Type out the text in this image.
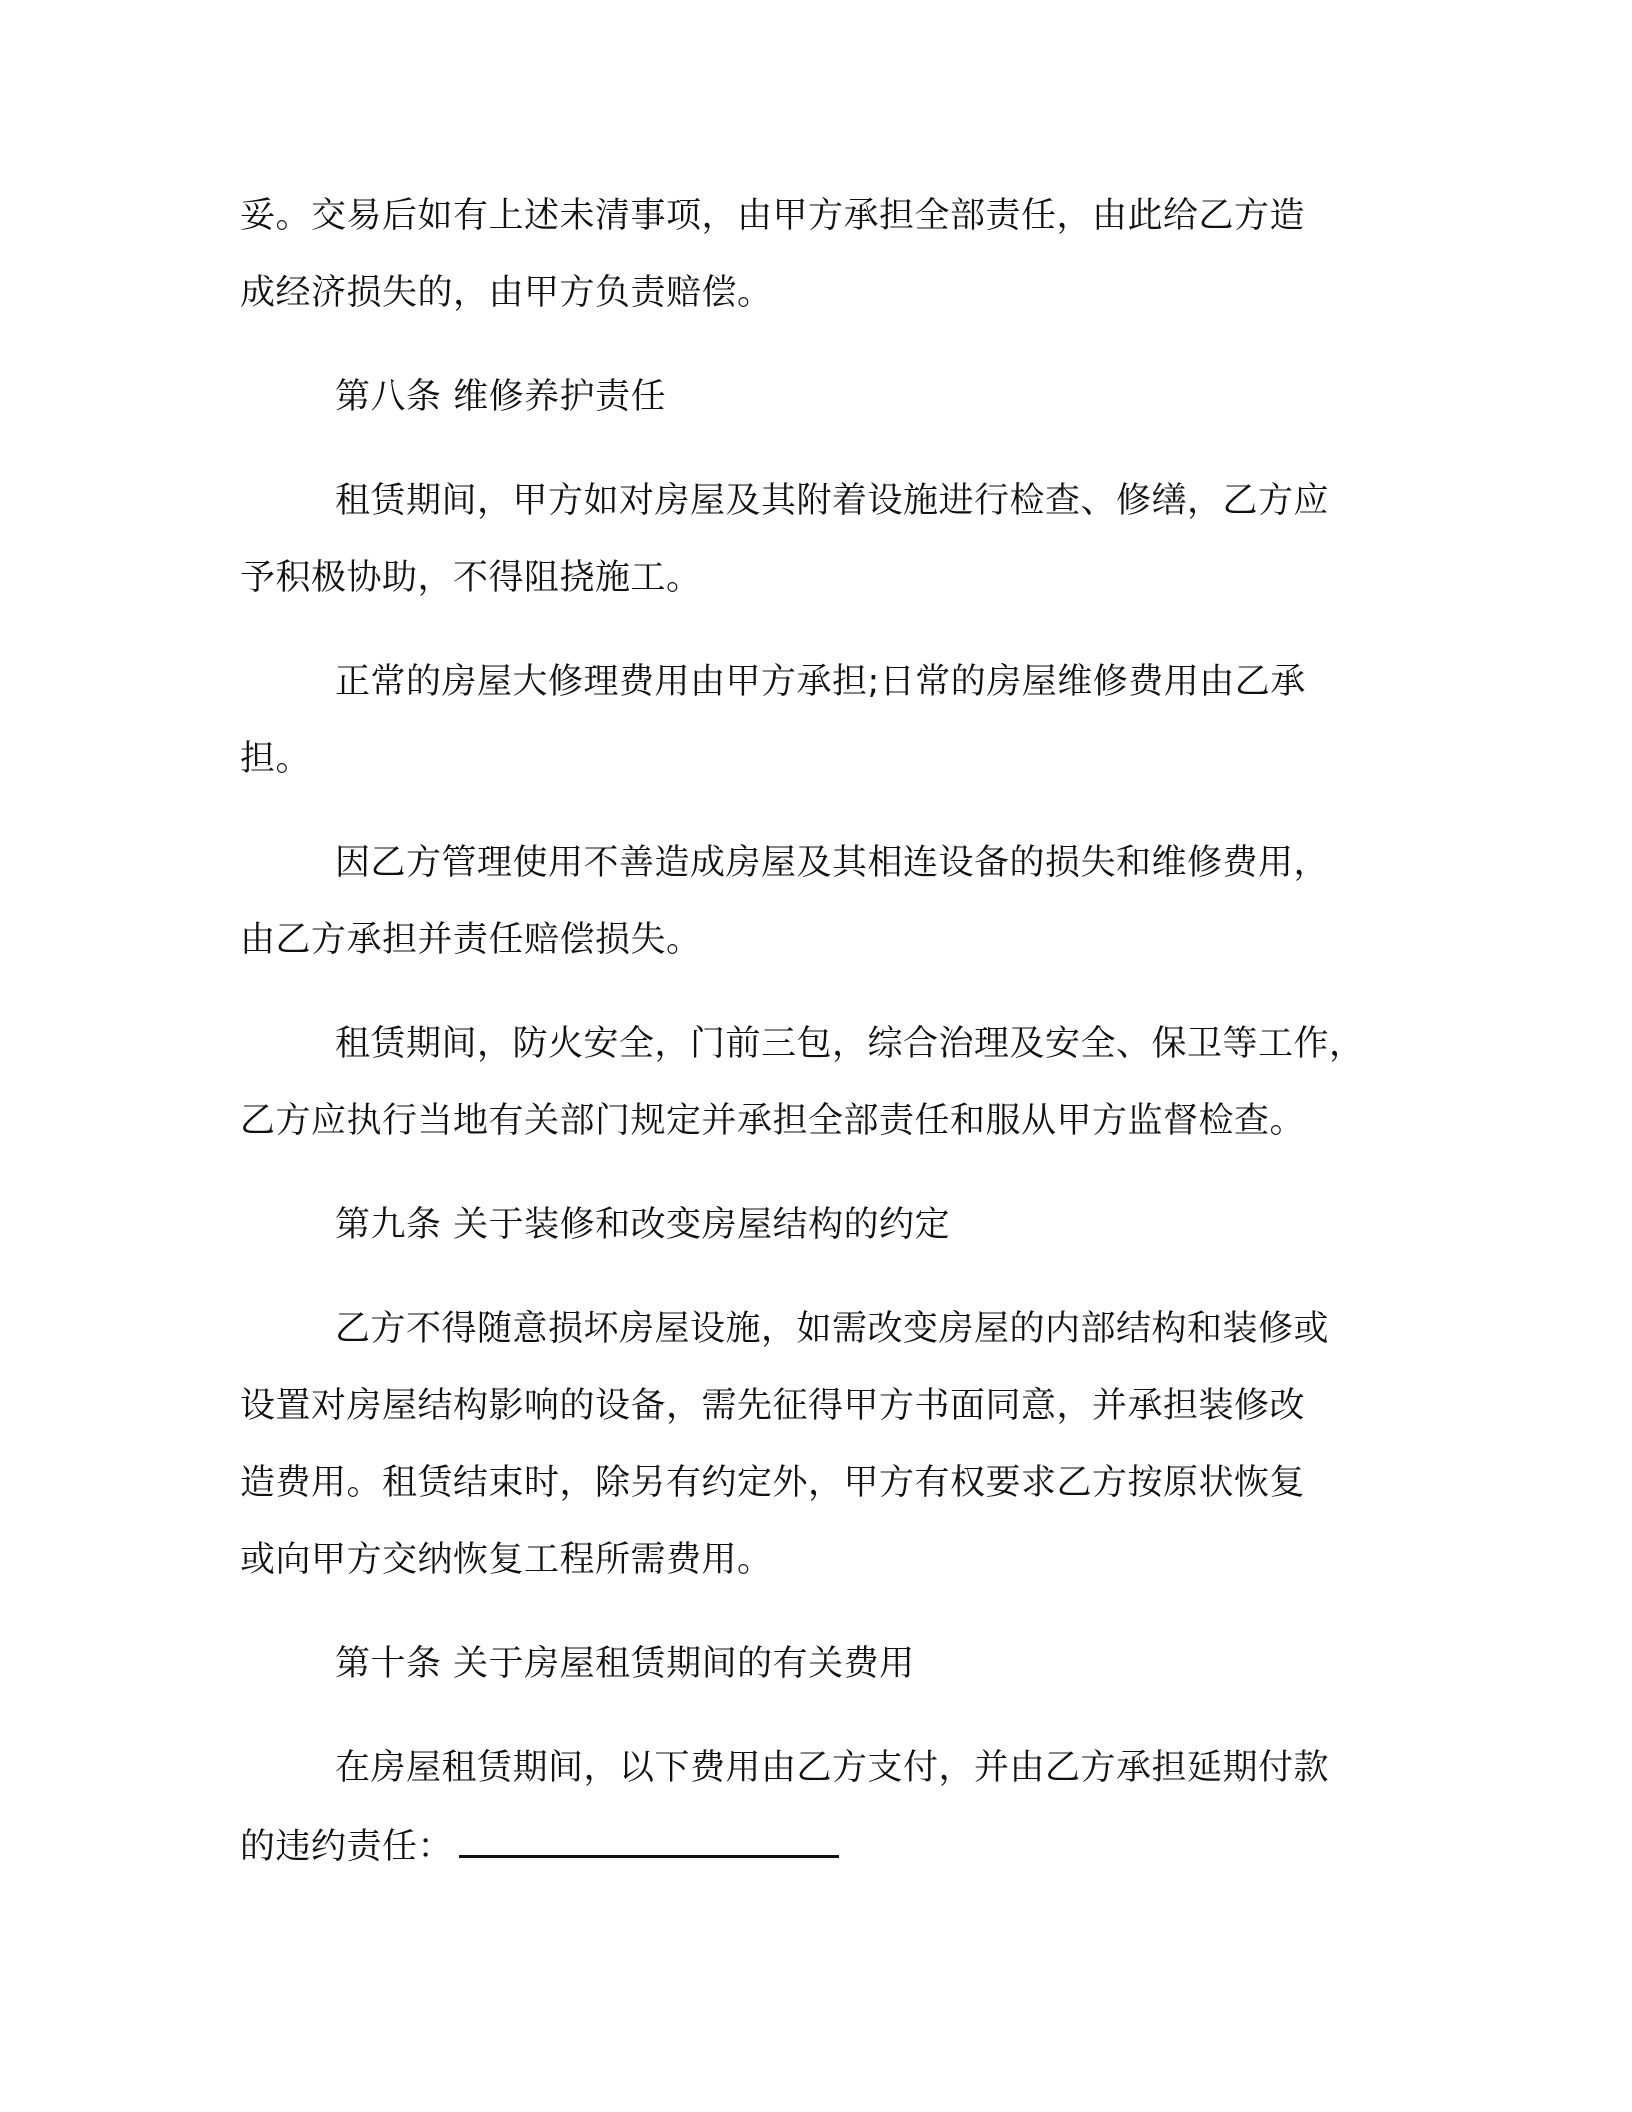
妥。交易后如有上述未清事项，由甲方承担全部责任，由此给乙方造
成经济损失的，由甲方负责赔偿。
第八条 维修养护责任
租赁期间，甲方如对房屋及其附着设施进行检查、修缮，乙方应
予积极协助，不得阻挠施工。
正常的房屋大修理费用由甲方承担;日常的房屋维修费用由乙承
担。
因乙方管理使用不善造成房屋及其相连设备的损失和维修费用，
由乙方承担并责任赔偿损失。
租赁期间，防火安全，门前三包，综合治理及安全、保卫等工作，
乙方应执行当地有关部门规定并承担全部责任和服从甲方监督检查。
第九条 关于装修和改变房屋结构的约定
乙方不得随意损坏房屋设施，如需改变房屋的内部结构和装修或
设置对房屋结构影响的设备，需先征得甲方书面同意，并承担装修改
造费用。租赁结束时，除另有约定外，甲方有权要求乙方按原状恢复
或向甲方交纳恢复工程所需费用。
第十条 关于房屋租赁期间的有关费用
在房屋租赁期间，以下费用由乙方支付，并由乙方承担延期付款
的违约责任：
